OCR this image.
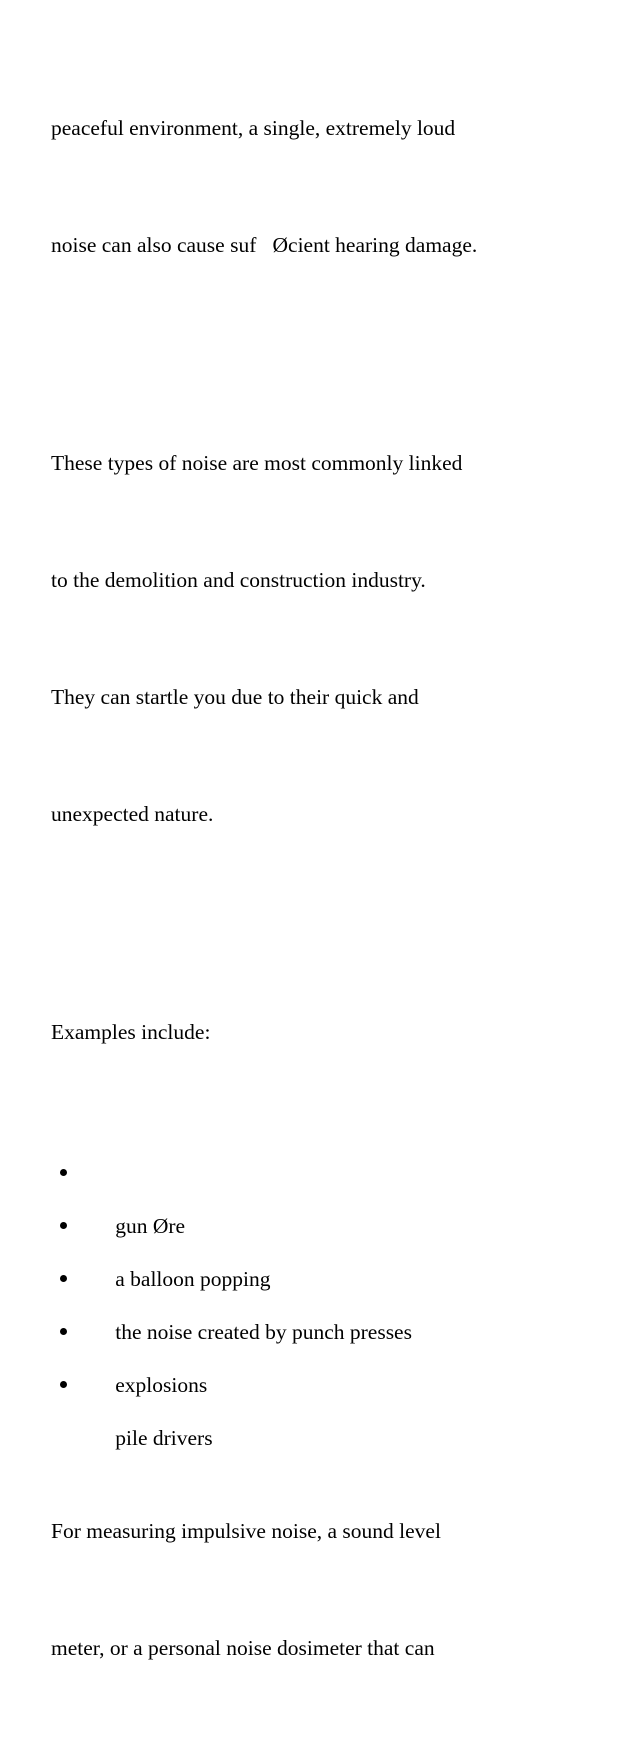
peaceful environment, a single, extremely loud

noise can also cause suf   Øcient hearing damage.

These types of noise are most commonly linked

to the demolition and construction industry.

They can startle you due to their quick and

unexpected nature.

Examples include:

gun Øre

a balloon popping

the noise created by punch presses

explosions

pile drivers

For measuring impulsive noise, a sound level

meter, or a personal noise dosimeter that can
